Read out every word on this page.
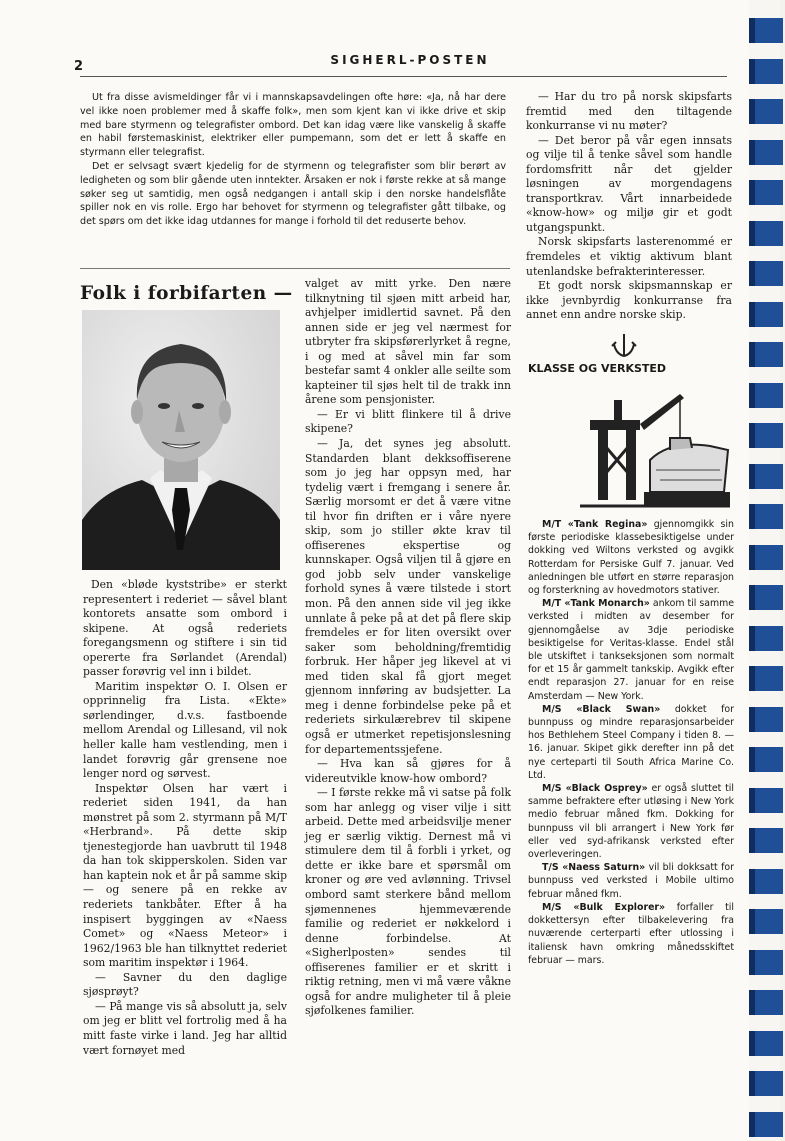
2	SIGHERL-POSTEN

Ut fra disse avismeldinger får vi i mannskapsavdelingen ofte høre: «Ja, nå har dere vel ikke noen problemer med å skaffe folk», men som kjent kan vi ikke drive et skip med bare styrmenn og telegrafister ombord. Det kan idag være like vanskelig å skaffe en habil førstemaskinist, elektriker eller pumpemann, som det er lett å skaffe en styrmann eller telegrafist.

Det er selvsagt svært kjedelig for de styrmenn og telegrafister som blir berørt av ledigheten og som blir gående uten inntekter. Årsaken er nok i første rekke at så mange søker seg ut samtidig, men også nedgangen i antall skip i den norske handelsflåte spiller nok en vis rolle. Ergo har behovet for styrmenn og telegrafister gått tilbake, og det spørs om det ikke idag utdannes for mange i forhold til det reduserte behov.

Folk i forbifarten —

Den «bløde kyststribe» er sterkt representert i rederiet — såvel blant kontorets ansatte som ombord i skipene. At også rederiets foregangsmenn og stiftere i sin tid opererte fra Sørlandet (Arendal) passer forøvrig vel inn i bildet.

Maritim inspektør O. I. Olsen er opprinnelig fra Lista. «Ekte» sørlendinger, d.v.s. fastboende mellom Arendal og Lillesand, vil nok heller kalle ham vestlending, men i landet forøvrig går grensene noe lenger nord og sørvest.

Inspektør Olsen har vært i rederiet siden 1941, da han mønstret på som 2. styrmann på M/T «Herbrand». På dette skip tjenestegjorde han uavbrutt til 1948 da han tok skipperskolen. Siden var han kaptein nok et år på samme skip — og senere på en rekke av rederiets tankbåter. Efter å ha inspisert byggingen av «Naess Comet» og «Naess Meteor» i 1962/1963 ble han tilknyttet rederiet som maritim inspektør i 1964.

— Savner du den daglige sjøsprøyt?

— På mange vis så absolutt ja, selv om jeg er blitt vel fortrolig med å ha mitt faste virke i land. Jeg har alltid vært fornøyet med

valget av mitt yrke. Den nære tilknytning til sjøen mitt arbeid har, avhjelper imidlertid savnet. På den annen side er jeg vel nærmest for utbryter fra skipsførerlyrket å regne, i og med at såvel min far som bestefar samt 4 onkler alle seilte som kapteiner til sjøs helt til de trakk inn årene som pensjonister.

— Er vi blitt flinkere til å drive skipene?

— Ja, det synes jeg absolutt. Standarden blant dekksoffiserene som jo jeg har oppsyn med, har tydelig vært i fremgang i senere år. Særlig morsomt er det å være vitne til hvor fin driften er i våre nyere skip, som jo stiller økte krav til offiserenes ekspertise og kunnskaper. Også viljen til å gjøre en god jobb selv under vanskelige forhold synes å være tilstede i stort mon. På den annen side vil jeg ikke unnlate å peke på at det på flere skip fremdeles er for liten oversikt over saker som beholdning/fremtidig forbruk. Her håper jeg likevel at vi med tiden skal få gjort meget gjennom innføring av budsjetter. La meg i denne forbindelse peke på et rederiets sirkulærebrev til skipene også er utmerket repetisjonslesning for departementssjefene.

— Hva kan så gjøres for å videreutvikle know-how ombord?

— I første rekke må vi satse på folk som har anlegg og viser vilje i sitt arbeid. Dette med arbeidsvilje mener jeg er særlig viktig. Dernest må vi stimulere dem til å forbli i yrket, og dette er ikke bare et spørsmål om kroner og øre ved avlønning. Trivsel ombord samt sterkere bånd mellom sjømennenes hjemmeværende familie og rederiet er nøkkelord i denne forbindelse. At «Sigherlposten» sendes til offiserenes familier er et skritt i riktig retning, men vi må være våkne også for andre muligheter til å pleie sjøfolkenes familier.

— Har du tro på norsk skipsfarts fremtid med den tiltagende konkurranse vi nu møter?

— Det beror på vår egen innsats og vilje til å tenke såvel som handle fordomsfritt når det gjelder løsningen av morgendagens transportkrav. Vårt innarbeidede «know-how» og miljø gir et godt utgangspunkt.

Norsk skipsfarts lasterenommé er fremdeles et viktig aktivum blant utenlandske befrakterinteresser.

Et godt norsk skipsmannskap er ikke jevnbyrdig konkurranse fra annet enn andre norske skip.

KLASSE OG VERKSTED

M/T «Tank Regina» gjennomgikk sin første periodiske klassebesiktigelse under dokking ved Wiltons verksted og avgikk Rotterdam for Persiske Gulf 7. januar. Ved anledningen ble utført en større reparasjon og forsterkning av hovedmotors stativer.

M/T «Tank Monarch» ankom til samme verksted i midten av desember for gjennomgåelse av 3dje periodiske besiktigelse for Veritas-klasse. Endel stål ble utskiftet i tankseksjonen som normalt for et 15 år gammelt tankskip. Avgikk efter endt reparasjon 27. januar for en reise Amsterdam — New York.

M/S «Black Swan» dokket for bunnpuss og mindre reparasjonsarbeider hos Bethlehem Steel Company i tiden 8. — 16. januar. Skipet gikk derefter inn på det nye certeparti til South Africa Marine Co. Ltd.

M/S «Black Osprey» er også sluttet til samme befraktere efter utløsing i New York medio februar måned fkm. Dokking for bunnpuss vil bli arrangert i New York før eller ved syd-afrikansk verksted efter overleveringen.

T/S «Naess Saturn» vil bli dokksatt for bunnpuss ved verksted i Mobile ultimo februar måned fkm.

M/S «Bulk Explorer» forfaller til dokkettersyn efter tilbakelevering fra nuværende certerparti efter utlossing i italiensk havn omkring månedsskiftet februar — mars.
